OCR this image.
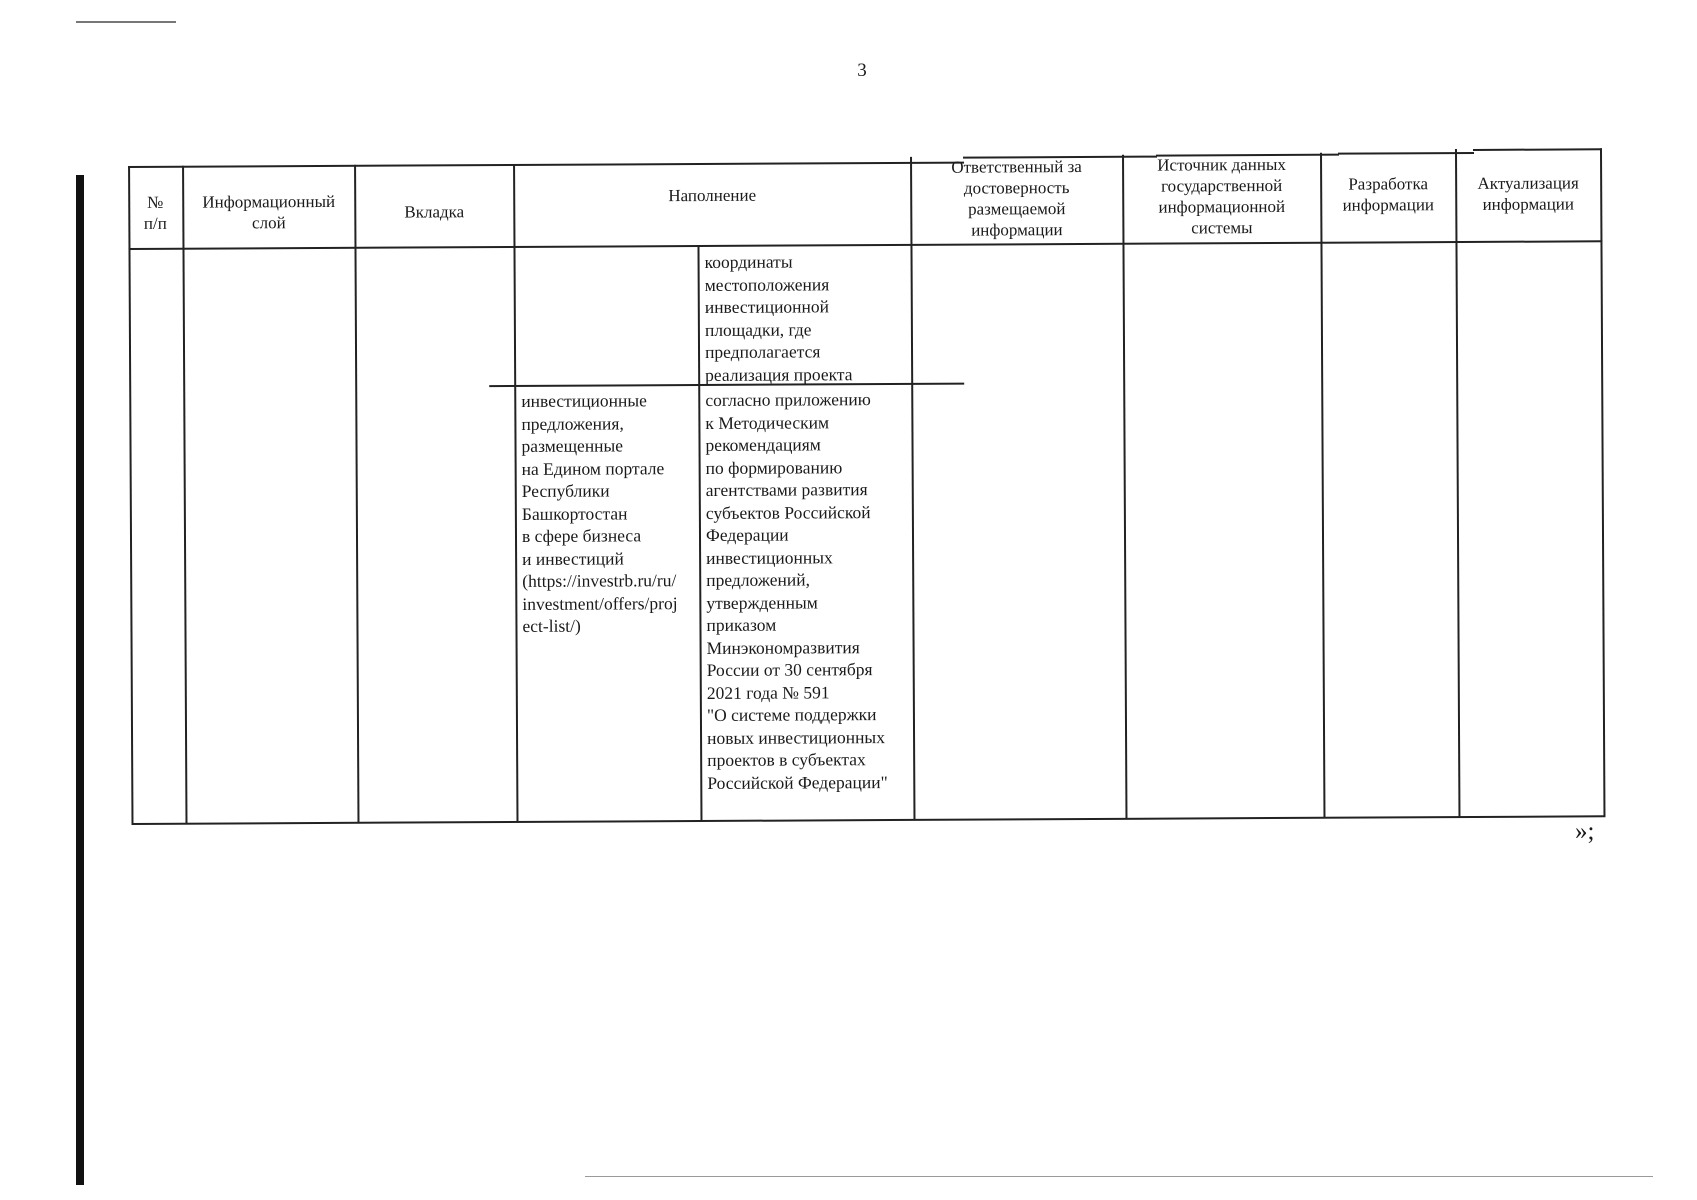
3
№
п/п
Информационный
слой
Вкладка
Наполнение
Ответственный за
достоверность
размещаемой
информации
Источник данных
государственной
информационной
системы
Разработка
информации
Актуализация
информации
координаты
местоположения
инвестиционной
площадки, где
предполагается
реализация проекта
инвестиционные
предложения,
размещенные
на Едином портале
Республики
Башкортостан
в сфере бизнеса
и инвестиций
(https://investrb.ru/ru/
investment/offers/proj
ect-list/)
согласно приложению
к Методическим
рекомендациям
по формированию
агентствами развития
субъектов Российской
Федерации
инвестиционных
предложений,
утвержденным
приказом
Минэкономразвития
России от 30 сентября
2021 года № 591
"О системе поддержки
новых инвестиционных
проектов в субъектах
Российской Федерации"
»;
